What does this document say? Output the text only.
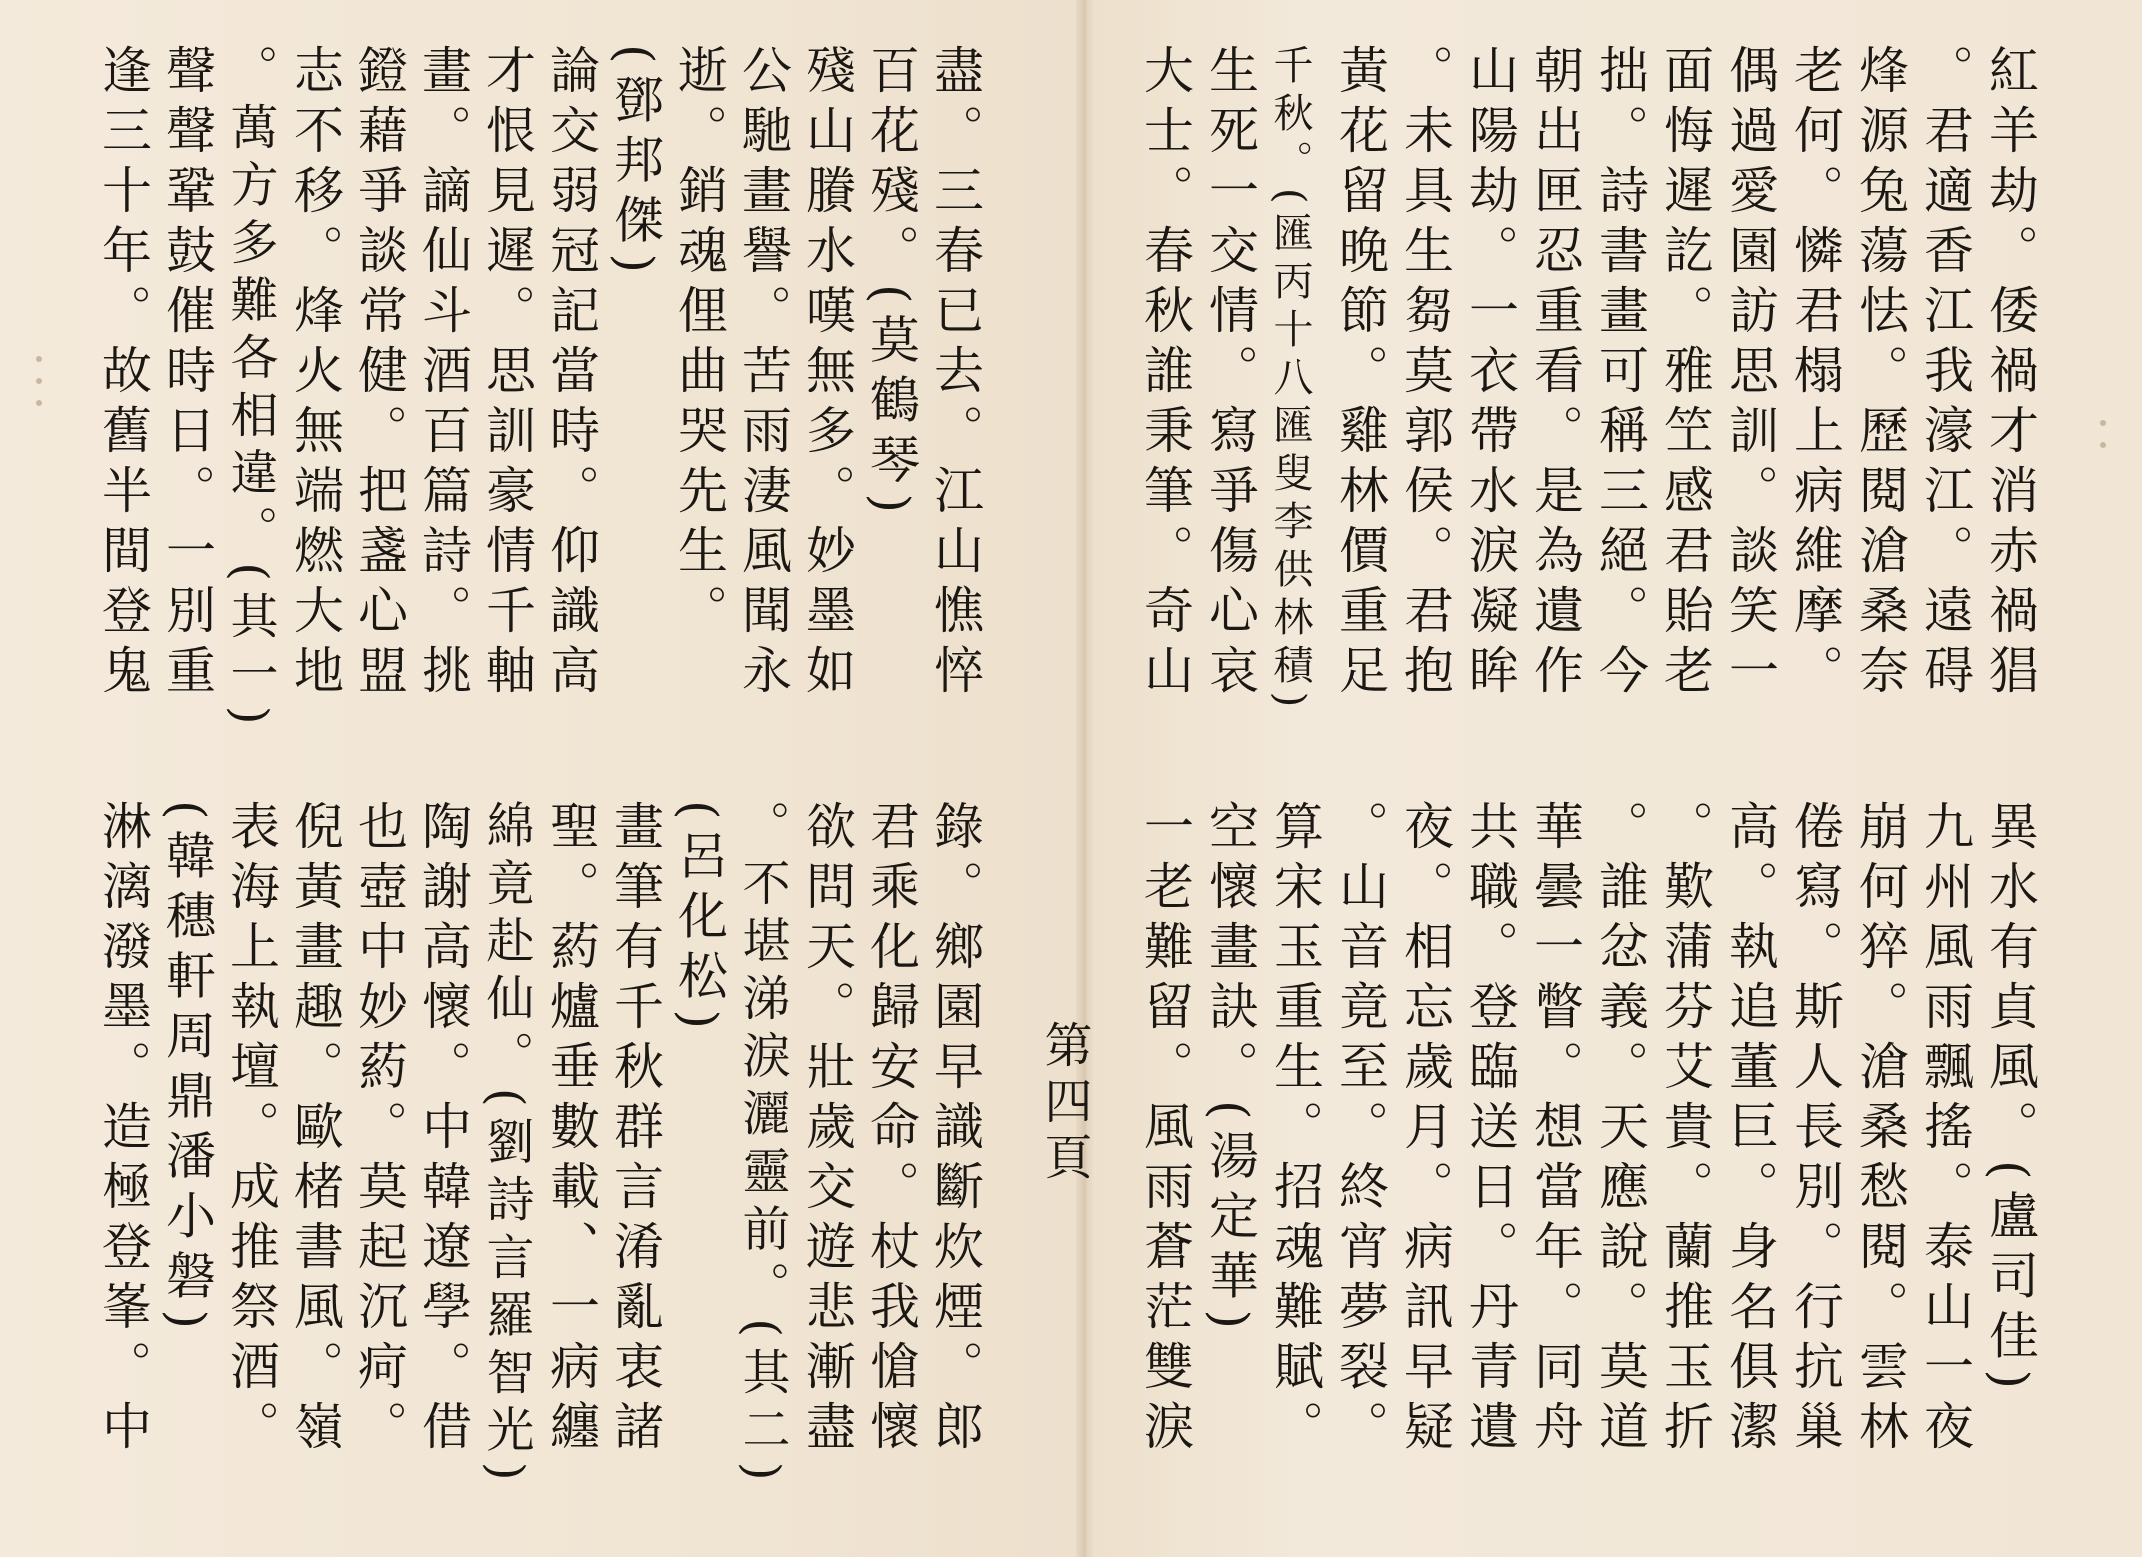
紅羊劫。倭禍才消赤禍猖
。君適香江我濠江。遠碍
烽源兔蕩怯。歷閱滄桑奈
老何。憐君榻上病維摩。
偶過愛園訪思訓。談笑一
面悔遲訖。雅笁感君貽老
拙。詩書畫可稱三絕。今
朝出匣忍重看。是為遺作
山陽劫。一衣帶水淚凝眸
。未具生芻莫郭侯。君抱
黃花留晚節。雞林價重足
千秋。(匯丙十八匯叟李供林積)
生死一交情。寫爭傷心哀
大士。春秋誰秉筆。奇山
異水有貞風。(盧司佳)
九州風雨飄搖。泰山一夜
崩何猝。滄桑愁閱。雲林
倦寫。斯人長別。行抗巢
高。執追董巨。身名俱潔
。歎蒲芬艾貴。蘭推玉折
。誰忿義。天應說。莫道
華曇一瞥。想當年。同舟
共職。登臨送日。丹青遺
夜。相忘歲月。病訊早疑
。山音竟至。終宵夢裂。
算宋玉重生。招魂難賦。
空懷畫訣。(湯定華)
一老難留。風雨蒼茫雙淚
盡。三春已去。江山憔悴
百花殘。(莫鶴琴)
殘山賸水嘆無多。妙墨如
公馳畫譽。苦雨淒風聞永
逝。銷魂俚曲哭先生。
(鄧邦傑)
論交弱冠記當時。仰識高
才恨見遲。思訓豪情千軸
畫。謫仙斗酒百篇詩。挑
鐙藉爭談常健。把盞心盟
志不移。烽火無端燃大地
。萬方多難各相違。(其一)
聲聲鞏鼓催時日。一別重
逢三十年。故舊半間登鬼
錄。鄉園早識斷炊煙。郎
君乘化歸安命。杖我愴懷
欲問天。壯歲交遊悲漸盡
。不堪涕淚灑靈前。(其二)
(呂化松)
畫筆有千秋群言淆亂衷諸
聖。葯爐垂數載、一病纏
綿竟赴仙。(劉詩言羅智光)
陶謝高懷。中韓遼學。借
也壺中妙葯。莫起沉疴。
倪黃畫趣。歐楮書風。嶺
表海上執壇。成推祭酒。
(韓穗軒周鼎潘小磐)
淋漓潑墨。造極登峯。中	第四頁
